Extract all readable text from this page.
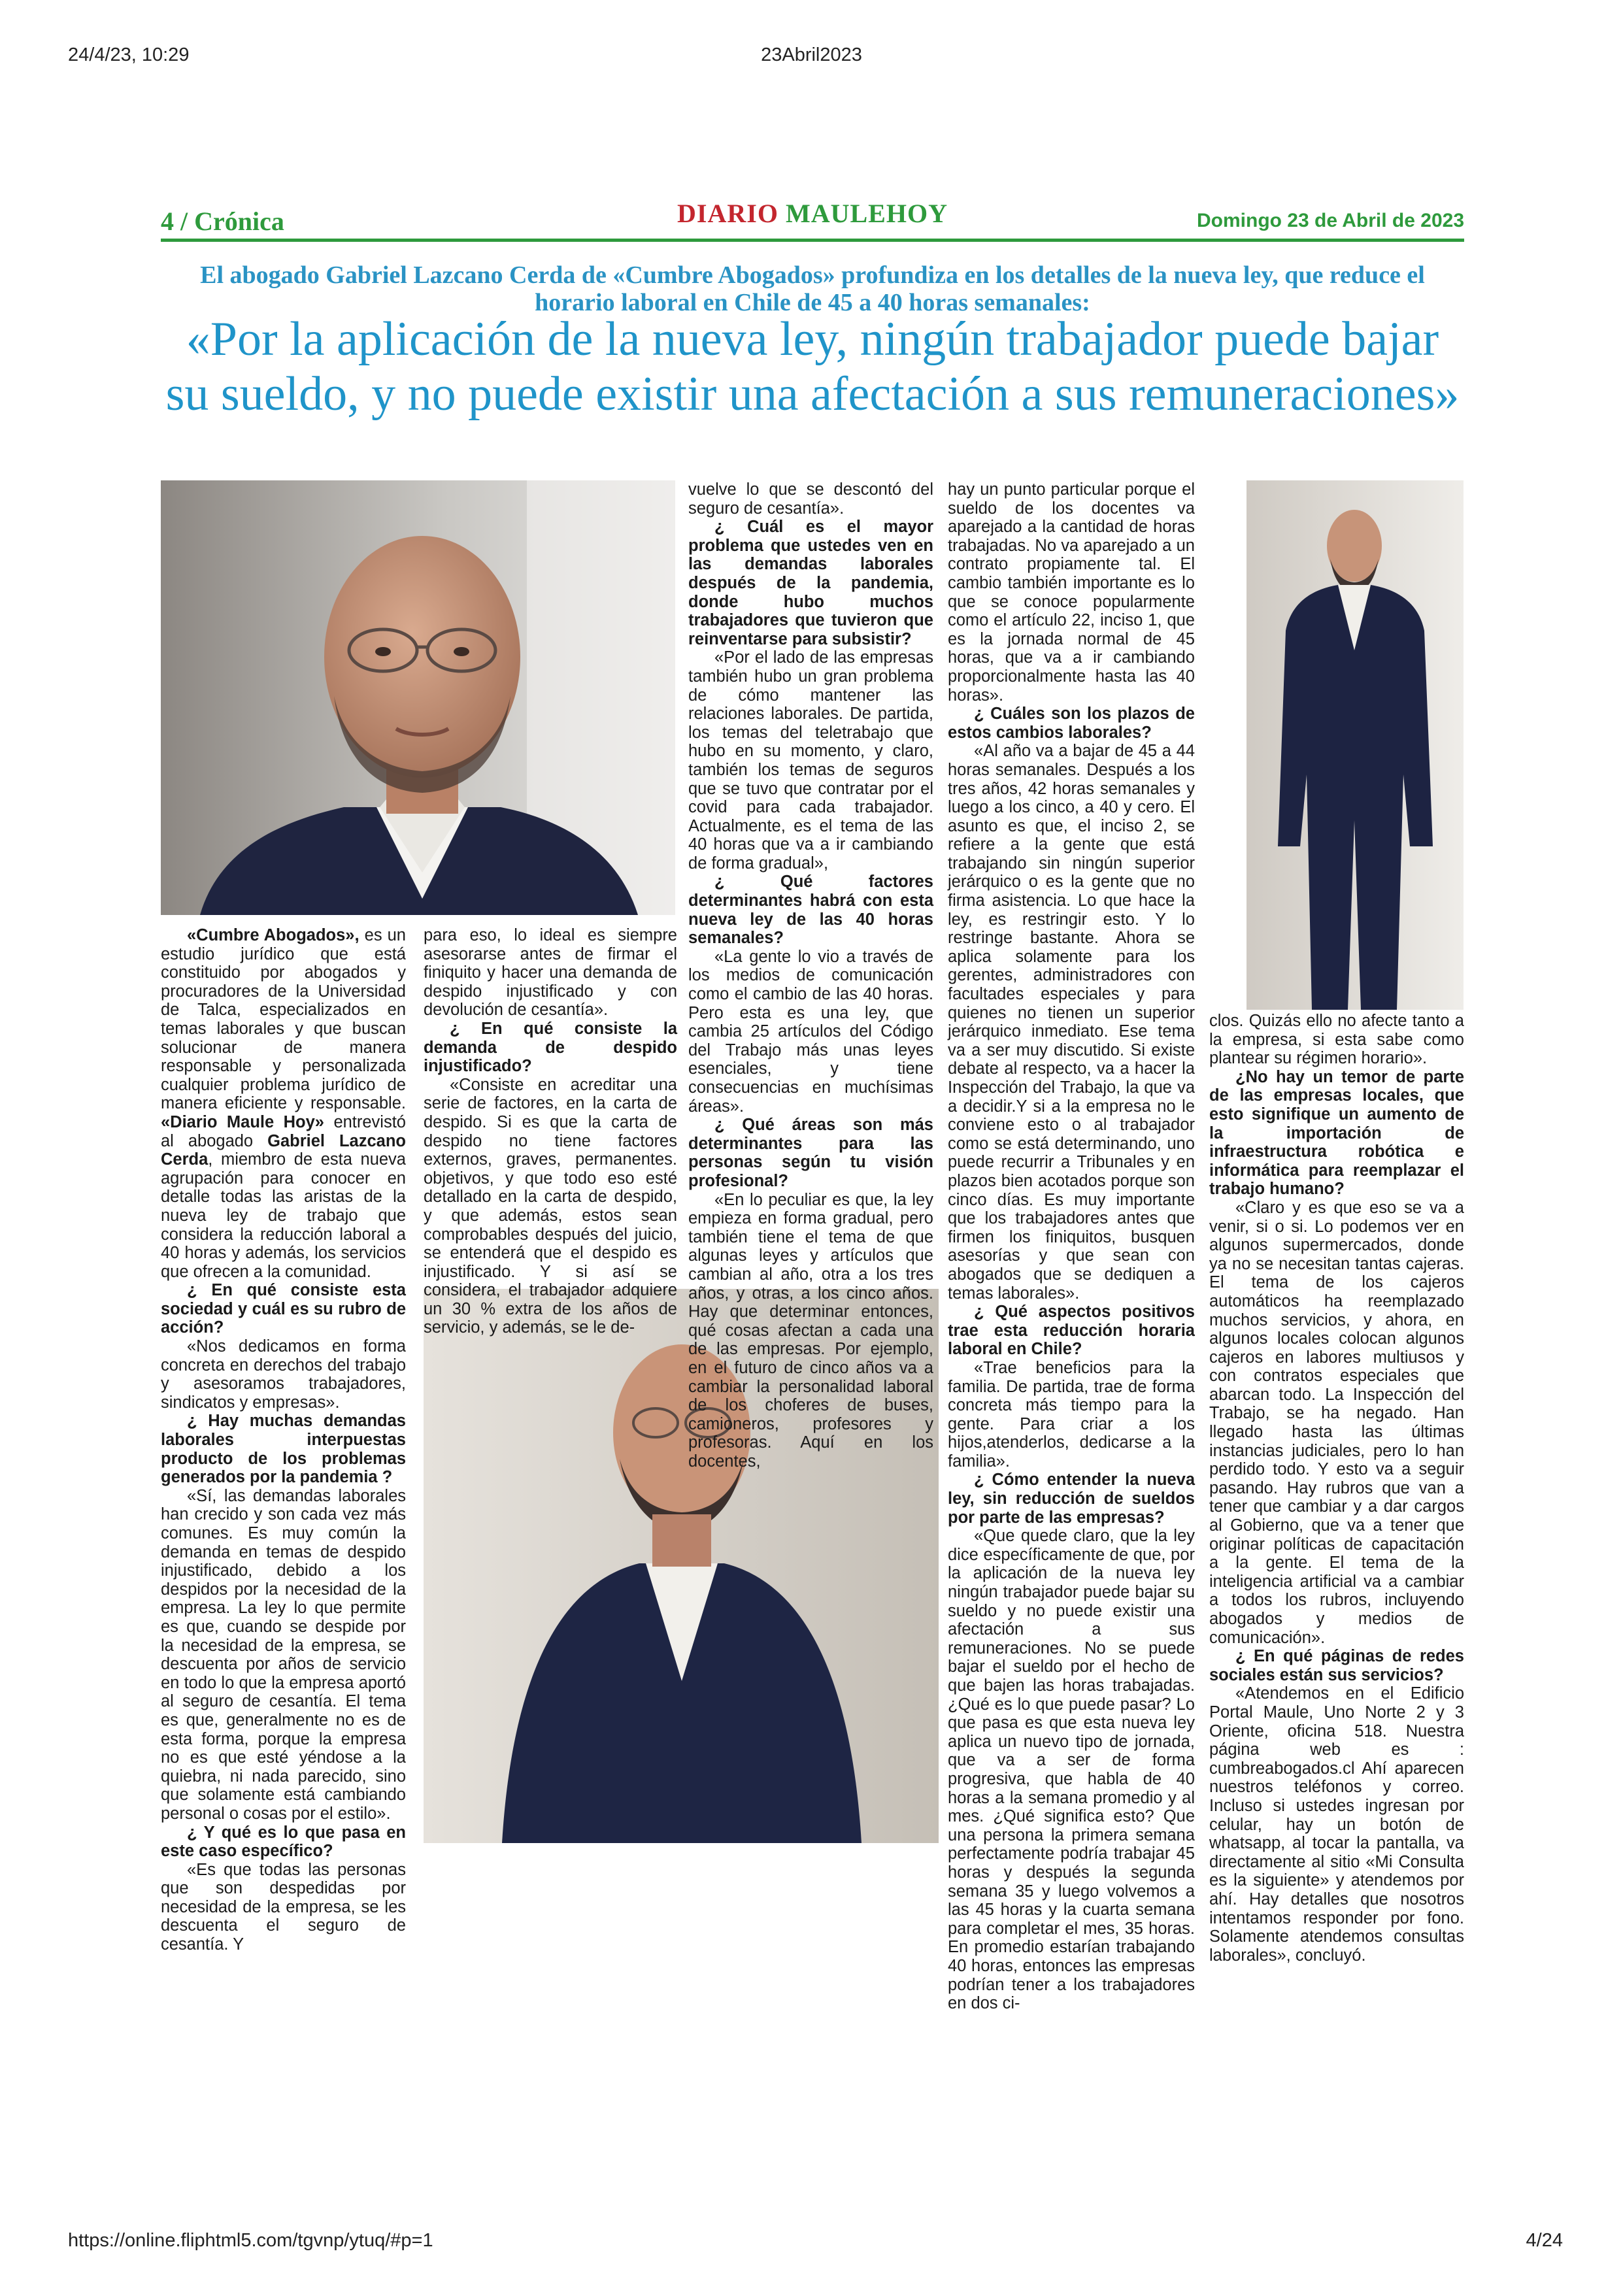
24/4/23, 10:29	23Abril2023
https://online.fliphtml5.com/tgvnp/ytuq/#p=1	4/24
4 / Crónica	DIARIO MAULEHOY	Domingo 23 de Abril de 2023
El abogado Gabriel Lazcano Cerda de «Cumbre Abogados» profundiza en los detalles de la nueva ley, que reduce el horario laboral en Chile de 45 a 40 horas semanales:
«Por la aplicación de la nueva ley, ningún trabajador puede bajar su sueldo, y no puede existir una afectación a sus remuneraciones»

«Cumbre Abogados», es un estudio jurídico que está constituido por abogados y procuradores de la Universidad de Talca, especializados en temas laborales y que buscan solucionar de manera responsable y personalizada cualquier problema jurídico de manera eficiente y responsable. «Diario Maule Hoy» entrevistó al abogado Gabriel Lazcano Cerda, miembro de esta nueva agrupación para conocer en detalle todas las aristas de la nueva ley de trabajo que considera la reducción laboral a 40 horas y además, los servicios que ofrecen a la comunidad.

¿ En qué consiste esta sociedad y cuál es su rubro de acción?

«Nos dedicamos en forma concreta en derechos del trabajo y asesoramos trabajadores, sindicatos y empresas».

¿ Hay muchas demandas laborales interpuestas producto de los problemas generados por la pandemia ?

«Sí, las demandas laborales han crecido y son cada vez más comunes. Es muy común la demanda en temas de despido injustificado, debido a los despidos por la necesidad de la empresa. La ley lo que permite es que, cuando se despide por la necesidad de la empresa, se descuenta por años de servicio en todo lo que la empresa aportó al seguro de cesantía. El tema es que, generalmente no es de esta forma, porque la empresa no es que esté yéndose a la quiebra, ni nada parecido, sino que solamente está cambiando personal o cosas por el estilo».

¿ Y qué es lo que pasa en este caso específico?

«Es que todas las personas que son despedidas por necesidad de la empresa, se les descuenta el seguro de cesantía. Y

para eso, lo ideal es siempre asesorarse antes de firmar el finiquito y hacer una demanda de despido injustificado y con devolución de cesantía».

¿ En qué consiste la demanda de despido injustificado?

«Consiste en acreditar una serie de factores, en la carta de despido. Si es que la carta de despido no tiene factores externos, graves, permanentes. objetivos, y que todo eso esté detallado en la carta de despido, y que además, estos sean comprobables después del juicio, se entenderá que el despido es injustificado. Y si así se considera, el trabajador adquiere un 30 % extra de los años de servicio, y además, se le de-

vuelve lo que se descontó del seguro de cesantía».

¿ Cuál es el mayor problema que ustedes ven en las demandas laborales después de la pandemia, donde hubo muchos trabajadores que tuvieron que reinventarse para subsistir?

«Por el lado de las empresas también hubo un gran problema de cómo mantener las relaciones laborales. De partida, los temas del teletrabajo que hubo en su momento, y claro, también los temas de seguros que se tuvo que contratar por el covid para cada trabajador. Actualmente, es el tema de las 40 horas que va a ir cambiando de forma gradual»,

¿ Qué factores determinantes habrá con esta nueva ley de las 40 horas semanales?

«La gente lo vio a través de los medios de comunicación como el cambio de las 40 horas. Pero esta es una ley, que cambia 25 artículos del Código del Trabajo más unas leyes esenciales, y tiene consecuencias en muchísimas áreas».

¿ Qué áreas son más determinantes para las personas según tu visión profesional?

«En lo peculiar es que, la ley empieza en forma gradual, pero también tiene el tema de que algunas leyes y artículos que cambian al año, otra a los tres años, y otras, a los cinco años. Hay que determinar entonces, qué cosas afectan a cada una de las empresas. Por ejemplo, en el futuro de cinco años va a cambiar la personalidad laboral de los choferes de buses, camioneros, profesores y profesoras. Aquí en los docentes,

hay un punto particular porque el sueldo de los docentes va aparejado a la cantidad de horas trabajadas. No va aparejado a un contrato propiamente tal. El cambio también importante es lo que se conoce popularmente como el artículo 22, inciso 1, que es la jornada normal de 45 horas, que va a ir cambiando proporcionalmente hasta las 40 horas».

¿ Cuáles son los plazos de estos cambios laborales?

«Al año va a bajar de 45 a 44 horas semanales. Después a los tres años, 42 horas semanales y luego a los cinco, a 40 y cero. El asunto es que, el inciso 2, se refiere a la gente que está trabajando sin ningún superior jerárquico o es la gente que no firma asistencia. Lo que hace la ley, es restringir esto. Y lo restringe bastante. Ahora se aplica solamente para los gerentes, administradores con facultades especiales y para quienes no tienen un superior jerárquico inmediato. Ese tema va a ser muy discutido. Si existe debate al respecto, va a hacer la Inspección del Trabajo, la que va a decidir.Y si a la empresa no le conviene esto o al trabajador como se está determinando, uno puede recurrir a Tribunales y en plazos bien acotados porque son cinco días. Es muy importante que los trabajadores antes que firmen los finiquitos, busquen asesorías y que sean con abogados que se dediquen a temas laborales».

¿ Qué aspectos positivos trae esta reducción horaria laboral en Chile?

«Trae beneficios para la familia. De partida, trae de forma concreta más tiempo para la gente. Para criar a los hijos,atenderlos, dedicarse a la familia».

¿ Cómo entender la nueva ley, sin reducción de sueldos por parte de las empresas?

«Que quede claro, que la ley dice específicamente de que, por la aplicación de la nueva ley ningún trabajador puede bajar su sueldo y no puede existir una afectación a sus remuneraciones. No se puede bajar el sueldo por el hecho de que bajen las horas trabajadas. ¿Qué es lo que puede pasar? Lo que pasa es que esta nueva ley aplica un nuevo tipo de jornada, que va a ser de forma progresiva, que habla de 40 horas a la semana promedio y al mes. ¿Qué significa esto? Que una persona la primera semana perfectamente podría trabajar 45 horas y después la segunda semana 35 y luego volvemos a las 45 horas y la cuarta semana para completar el mes, 35 horas. En promedio estarían trabajando 40 horas, entonces las empresas podrían tener a los trabajadores en dos ci-

clos. Quizás ello no afecte tanto a la empresa, si esta sabe como plantear su régimen horario».

¿No hay un temor de parte de las empresas locales, que esto signifique un aumento de la importación de infraestructura robótica e informática para reemplazar el trabajo humano?

«Claro y es que eso se va a venir, si o si. Lo podemos ver en algunos supermercados, donde ya no se necesitan tantas cajeras. El tema de los cajeros automáticos ha reemplazado muchos servicios, y ahora, en algunos locales colocan algunos cajeros en labores multiusos y con contratos especiales que abarcan todo. La Inspección del Trabajo, se ha negado. Han llegado hasta las últimas instancias judiciales, pero lo han perdido todo. Y esto va a seguir pasando. Hay rubros que van a tener que cambiar y a dar cargos al Gobierno, que va a tener que originar políticas de capacitación a la gente. El tema de la inteligencia artificial va a cambiar a todos los rubros, incluyendo abogados y medios de comunicación».

¿ En qué páginas de redes sociales están sus servicios?

«Atendemos en el Edificio Portal Maule, Uno Norte 2 y 3 Oriente, oficina 518. Nuestra página web es : cumbreabogados.cl Ahí aparecen nuestros teléfonos y correo. Incluso si ustedes ingresan por celular, hay un botón de whatsapp, al tocar la pantalla, va directamente al sitio «Mi Consulta es la siguiente» y atendemos por ahí. Hay detalles que nosotros intentamos responder por fono. Solamente atendemos consultas laborales», concluyó.
